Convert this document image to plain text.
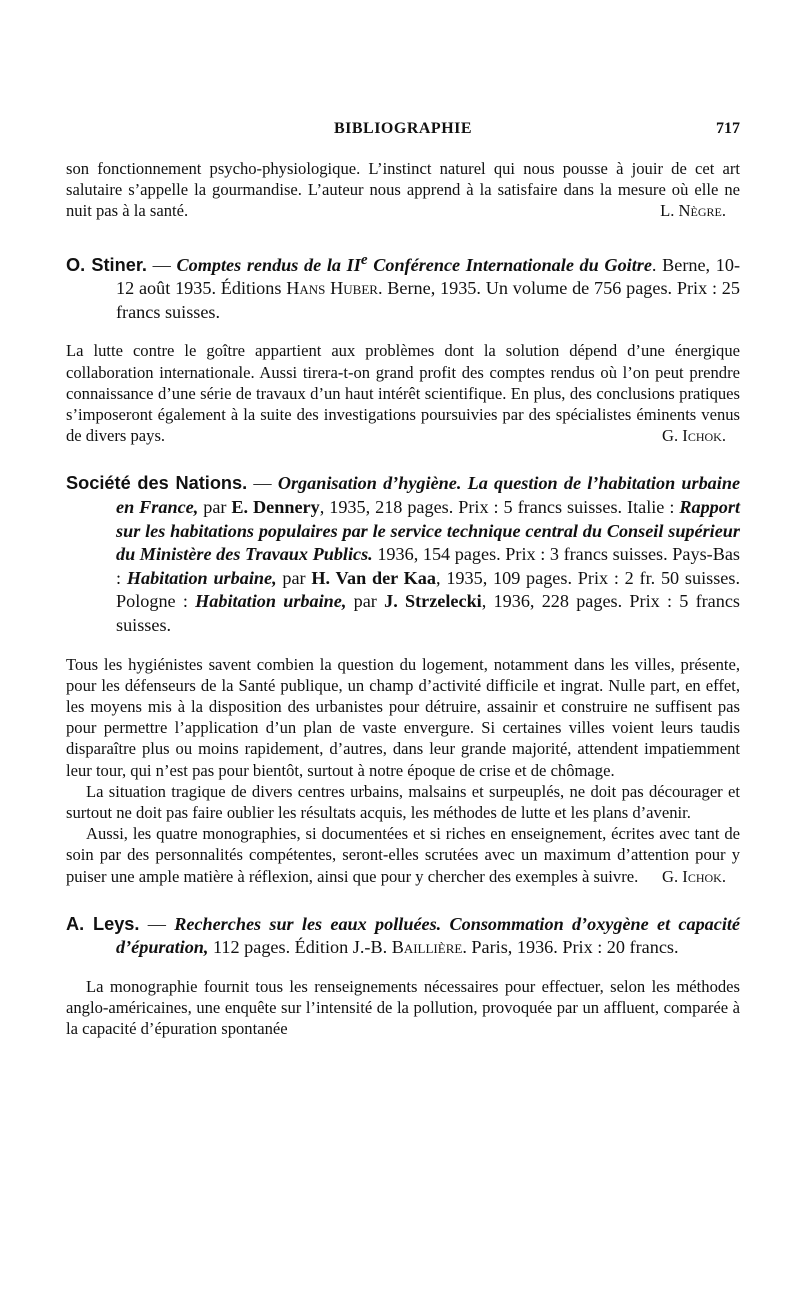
BIBLIOGRAPHIE	717

son fonctionnement psycho-physiologique. L’instinct naturel qui nous pousse à jouir de cet art salutaire s’appelle la gourmandise. L’auteur nous apprend à la satisfaire dans la mesure où elle ne nuit pas à la santé.	L. Nègre.

O. Stiner. — Comptes rendus de la IIe Conférence Internationale du Goitre. Berne, 10-12 août 1935. Éditions Hans Huber. Berne, 1935. Un volume de 756 pages. Prix : 25 francs suisses.

La lutte contre le goître appartient aux problèmes dont la solution dépend d’une énergique collaboration internationale. Aussi tirera-t-on grand profit des comptes rendus où l’on peut prendre connaissance d’une série de travaux d’un haut intérêt scientifique. En plus, des conclusions pratiques s’imposeront également à la suite des investigations poursuivies par des spécialistes éminents venus de divers pays.	G. Ichok.

Société des Nations. — Organisation d’hygiène. La question de l’habitation urbaine en France, par E. Dennery, 1935, 218 pages. Prix : 5 francs suisses. Italie : Rapport sur les habitations populaires par le service technique central du Conseil supérieur du Ministère des Travaux Publics. 1936, 154 pages. Prix : 3 francs suisses. Pays-Bas : Habitation urbaine, par H. Van der Kaa, 1935, 109 pages. Prix : 2 fr. 50 suisses. Pologne : Habitation urbaine, par J. Strzelecki, 1936, 228 pages. Prix : 5 francs suisses.

Tous les hygiénistes savent combien la question du logement, notamment dans les villes, présente, pour les défenseurs de la Santé publique, un champ d’activité difficile et ingrat. Nulle part, en effet, les moyens mis à la disposition des urbanistes pour détruire, assainir et construire ne suffisent pas pour permettre l’application d’un plan de vaste envergure. Si certaines villes voient leurs taudis disparaître plus ou moins rapidement, d’autres, dans leur grande majorité, attendent impatiemment leur tour, qui n’est pas pour bientôt, surtout à notre époque de crise et de chômage.

La situation tragique de divers centres urbains, malsains et surpeuplés, ne doit pas décourager et surtout ne doit pas faire oublier les résultats acquis, les méthodes de lutte et les plans d’avenir.

Aussi, les quatre monographies, si documentées et si riches en enseignement, écrites avec tant de soin par des personnalités compétentes, seront-elles scrutées avec un maximum d’attention pour y puiser une ample matière à réflexion, ainsi que pour y chercher des exemples à suivre.	G. Ichok.

A. Leys. — Recherches sur les eaux polluées. Consommation d’oxygène et capacité d’épuration, 112 pages. Édition J.-B. Baillière. Paris, 1936. Prix : 20 francs.

La monographie fournit tous les renseignements nécessaires pour effectuer, selon les méthodes anglo-américaines, une enquête sur l’intensité de la pollution, provoquée par un affluent, comparée à la capacité d’épuration spontanée
